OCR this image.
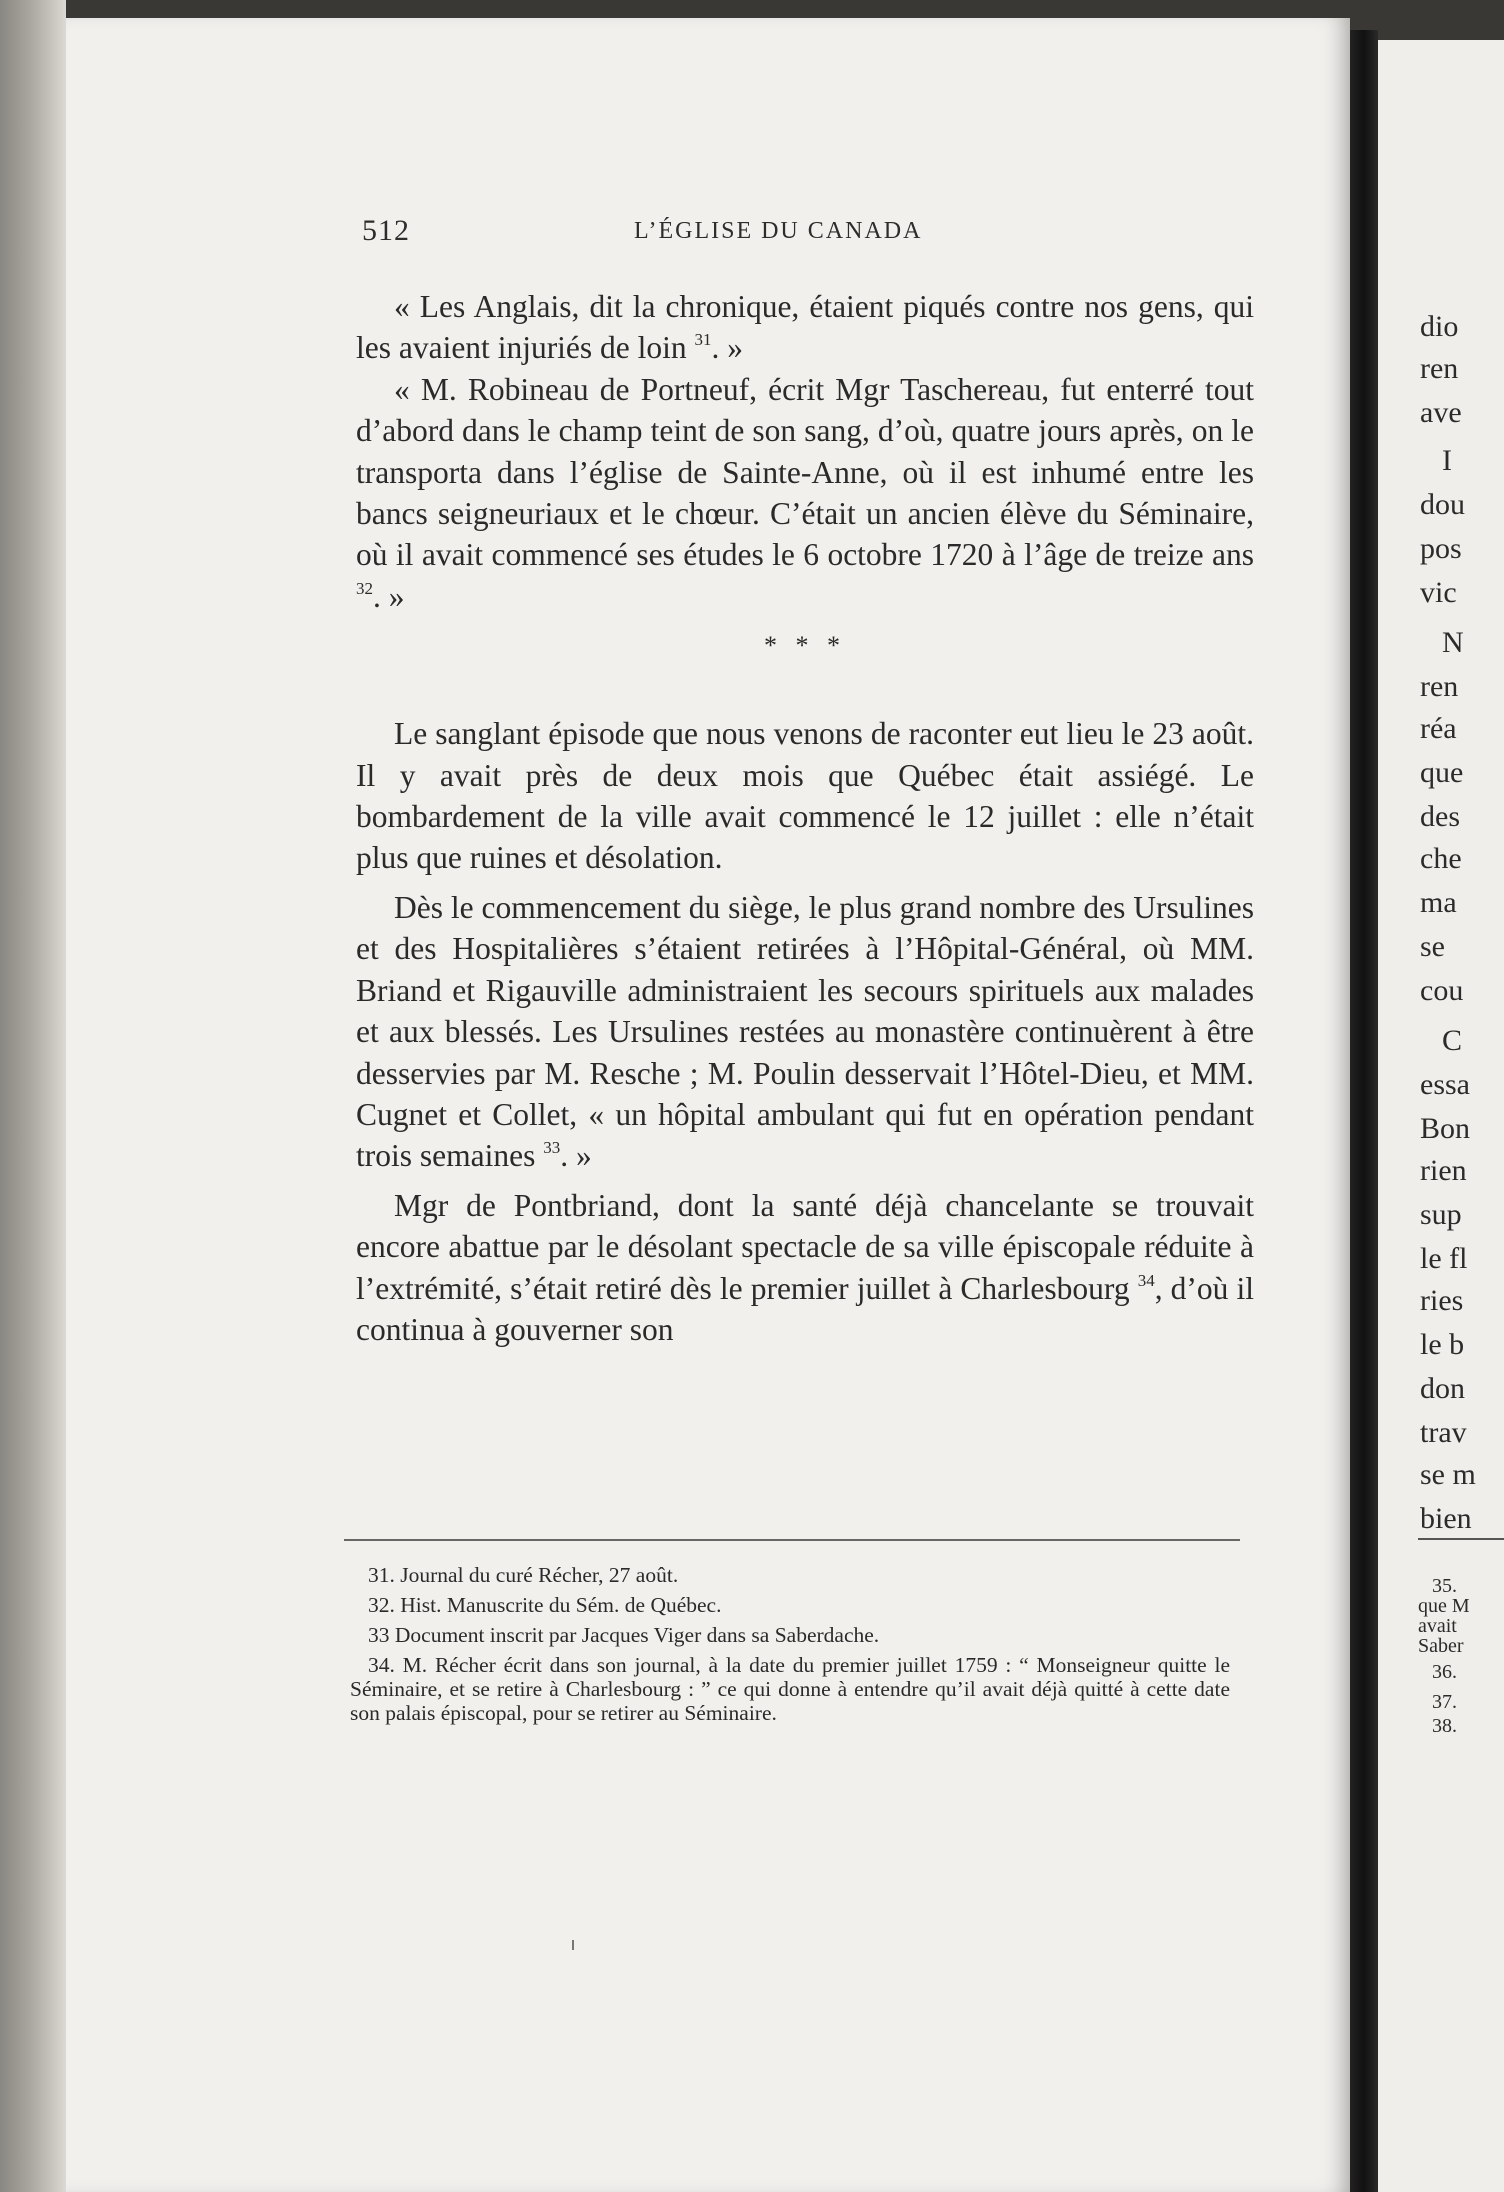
512	L’ÉGLISE DU CANADA

« Les Anglais, dit la chronique, étaient piqués contre nos gens, qui les avaient injuriés de loin $^{31}$. »

« M. Robineau de Portneuf, écrit Mgr Taschereau, fut enterré tout d’abord dans le champ teint de son sang, d’où, quatre jours après, on le transporta dans l’église de Sainte-Anne, où il est inhumé entre les bancs seigneuriaux et le chœur. C’était un ancien élève du Séminaire, où il avait commencé ses études le 6 octobre 1720 à l’âge de treize ans $^{32}$. »

* * *

Le sanglant épisode que nous venons de raconter eut lieu le 23 août. Il y avait près de deux mois que Québec était assiégé. Le bombardement de la ville avait commencé le 12 juillet : elle n’était plus que ruines et désolation.

Dès le commencement du siège, le plus grand nombre des Ursulines et des Hospitalières s’étaient retirées à l’Hôpital-Général, où MM. Briand et Rigauville administraient les secours spirituels aux malades et aux blessés. Les Ursulines restées au monastère continuèrent à être desservies par M. Resche ; M. Poulin desservait l’Hôtel-Dieu, et MM. Cugnet et Collet, « un hôpital ambulant qui fut en opération pendant trois semaines $^{33}$. »

Mgr de Pontbriand, dont la santé déjà chancelante se trouvait encore abattue par le désolant spectacle de sa ville épiscopale réduite à l’extrémité, s’était retiré dès le premier juillet à Charlesbourg $^{34}$, d’où il continua à gouverner son

31. Journal du curé Récher, 27 août.

32. Hist. Manuscrite du Sém. de Québec.

33 Document inscrit par Jacques Viger dans sa Saberdache.

34. M. Récher écrit dans son journal, à la date du premier juillet 1759 : “ Monseigneur quitte le Séminaire, et se retire à Charlesbourg : ” ce qui donne à entendre qu’il avait déjà quitté à cette date son palais épiscopal, pour se retirer au Séminaire.

dio
ren
ave
I
dou
pos
vic
N
ren
réa
que
des
che
ma
se
cou
C
essa
Bon
rien
sup
le fl
ries
le b
don
trav
se m
bien
35.
que M
avait
Saber
36.
37.
38.
